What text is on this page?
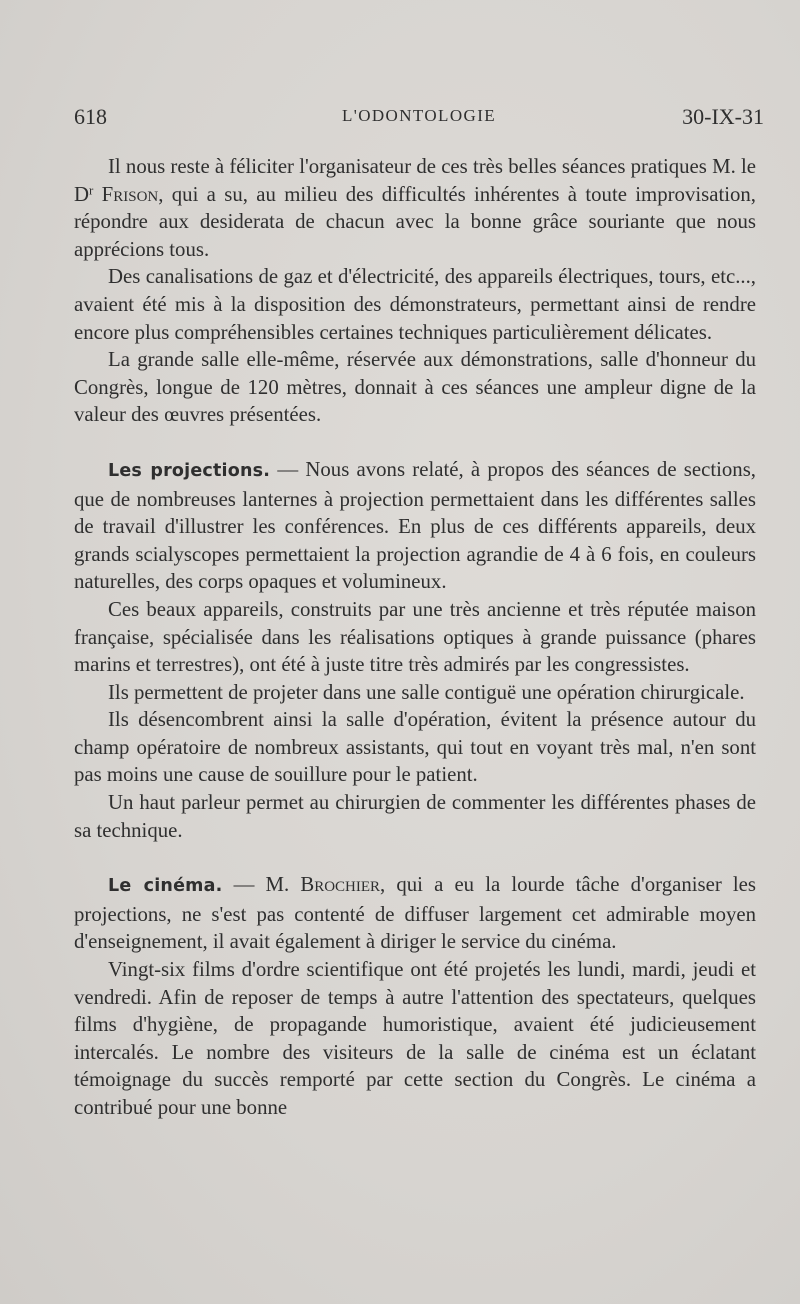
618	L'ODONTOLOGIE	30-IX-31

Il nous reste à féliciter l'organisateur de ces très belles séances pratiques M. le $D^r$ Frison, qui a su, au milieu des difficultés inhérentes à toute improvisation, répondre aux desiderata de chacun avec la bonne grâce souriante que nous apprécions tous.

Des canalisations de gaz et d'électricité, des appareils électriques, tours, etc..., avaient été mis à la disposition des démonstrateurs, permettant ainsi de rendre encore plus compréhensibles certaines techniques particulièrement délicates.

La grande salle elle-même, réservée aux démonstrations, salle d'honneur du Congrès, longue de 120 mètres, donnait à ces séances une ampleur digne de la valeur des œuvres présentées.

Les projections. — Nous avons relaté, à propos des séances de sections, que de nombreuses lanternes à projection permettaient dans les différentes salles de travail d'illustrer les conférences. En plus de ces différents appareils, deux grands scialyscopes permettaient la projection agrandie de 4 à 6 fois, en couleurs naturelles, des corps opaques et volumineux.

Ces beaux appareils, construits par une très ancienne et très réputée maison française, spécialisée dans les réalisations optiques à grande puissance (phares marins et terrestres), ont été à juste titre très admirés par les congressistes.

Ils permettent de projeter dans une salle contiguë une opération chirurgicale.

Ils désencombrent ainsi la salle d'opération, évitent la présence autour du champ opératoire de nombreux assistants, qui tout en voyant très mal, n'en sont pas moins une cause de souillure pour le patient.

Un haut parleur permet au chirurgien de commenter les différentes phases de sa technique.

Le cinéma. — M. Brochier, qui a eu la lourde tâche d'organiser les projections, ne s'est pas contenté de diffuser largement cet admirable moyen d'enseignement, il avait également à diriger le service du cinéma.

Vingt-six films d'ordre scientifique ont été projetés les lundi, mardi, jeudi et vendredi. Afin de reposer de temps à autre l'attention des spectateurs, quelques films d'hygiène, de propagande humoristique, avaient été judicieusement intercalés. Le nombre des visiteurs de la salle de cinéma est un éclatant témoignage du succès remporté par cette section du Congrès. Le cinéma a contribué pour une bonne
